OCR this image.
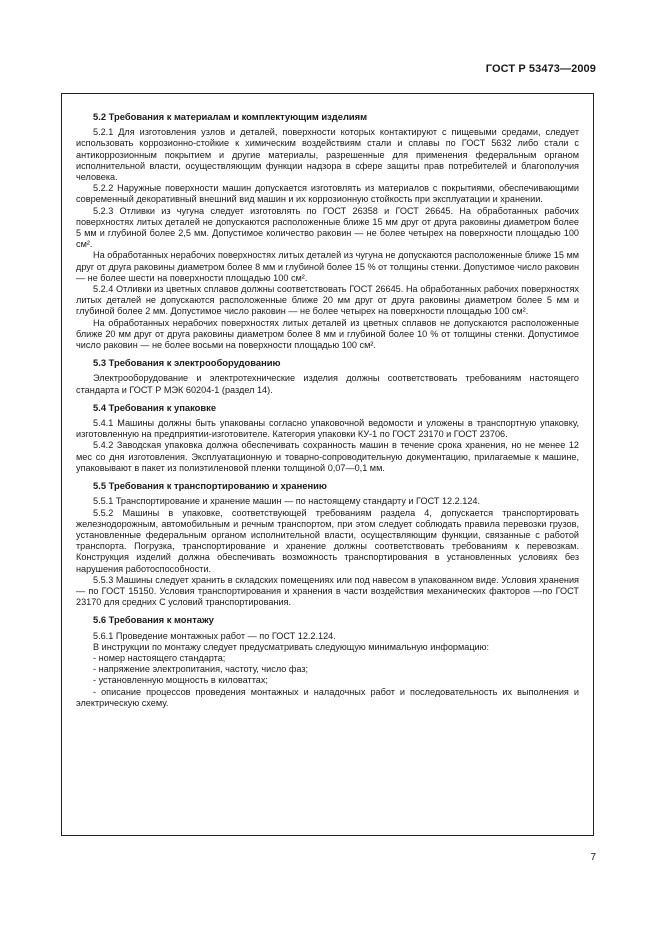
ГОСТ Р 53473—2009
5.2 Требования к материалам и комплектующим изделиям

5.2.1 Для изготовления узлов и деталей, поверхности которых контактируют с пищевыми средами, следует использовать коррозионно-стойкие к химическим воздействиям стали и сплавы по ГОСТ 5632 либо стали с антикоррозионным покрытием и другие материалы, разрешенные для применения федеральным органом исполнительной власти, осуществляющим функции надзора в сфере защиты прав потребителей и благополучия человека.

5.2.2 Наружные поверхности машин допускается изготовлять из материалов с покрытиями, обеспечивающими современный декоративный внешний вид машин и их коррозионную стойкость при эксплуатации и хранении.

5.2.3 Отливки из чугуна следует изготовлять по ГОСТ 26358 и ГОСТ 26645. На обработанных рабочих поверхностях литых деталей не допускаются расположенные ближе 15 мм друг от друга раковины диаметром более 5 мм и глубиной более 2,5 мм. Допустимое количество раковин — не более четырех на поверхности площадью 100 см².

На обработанных нерабочих поверхностях литых деталей из чугуна не допускаются расположенные ближе 15 мм друг от друга раковины диаметром более 8 мм и глубиной более 15 % от толщины стенки. Допустимое число раковин — не более шести на поверхности площадью 100 см².

5.2.4 Отливки из цветных сплавов должны соответствовать ГОСТ 26645. На обработанных рабочих поверхностях литых деталей не допускаются расположенные ближе 20 мм друг от друга раковины диаметром более 5 мм и глубиной более 2 мм. Допустимое число раковин — не более четырех на поверхности площадью 100 см².

На обработанных нерабочих поверхностях литых деталей из цветных сплавов не допускаются расположенные ближе 20 мм друг от друга раковины диаметром более 8 мм и глубиной более 10 % от толщины стенки. Допустимое число раковин — не более восьми на поверхности площадью 100 см².

5.3 Требования к электрооборудованию

Электрооборудование и электротехнические изделия должны соответствовать требованиям настоящего стандарта и ГОСТ Р МЭК 60204-1 (раздел 14).

5.4 Требования к упаковке

5.4.1 Машины должны быть упакованы согласно упаковочной ведомости и уложены в транспортную упаковку, изготовленную на предприятии-изготовителе. Категория упаковки КУ-1 по ГОСТ 23170 и ГОСТ 23706.

5.4.2 Заводская упаковка должна обеспечивать сохранность машин в течение срока хранения, но не менее 12 мес со дня изготовления. Эксплуатационную и товарно-сопроводительную документацию, прилагаемые к машине, упаковывают в пакет из полиэтиленовой пленки толщиной 0,07—0,1 мм.

5.5 Требования к транспортированию и хранению

5.5.1 Транспортирование и хранение машин — по настоящему стандарту и ГОСТ 12.2.124.

5.5.2 Машины в упаковке, соответствующей требованиям раздела 4, допускается транспортировать железнодорожным, автомобильным и речным транспортом, при этом следует соблюдать правила перевозки грузов, установленные федеральным органом исполнительной власти, осуществляющим функции, связанные с работой транспорта. Погрузка, транспортирование и хранение должны соответствовать требованиям к перевозкам. Конструкция изделий должна обеспечивать возможность транспортирования в установленных условиях без нарушения работоспособности.

5.5.3 Машины следует хранить в складских помещениях или под навесом в упакованном виде. Условия хранения — по ГОСТ 15150. Условия транспортирования и хранения в части воздействия механических факторов —по ГОСТ 23170 для средних С условий транспортирования.

5.6 Требования к монтажу

5.6.1 Проведение монтажных работ — по ГОСТ 12.2.124.

В инструкции по монтажу следует предусматривать следующую минимальную информацию:

- номер настоящего стандарта;
- напряжение электропитания, частоту, число фаз;
- установленную мощность в киловаттах;
- описание процессов проведения монтажных и наладочных работ и последовательность их выполнения и электрическую схему.
7
